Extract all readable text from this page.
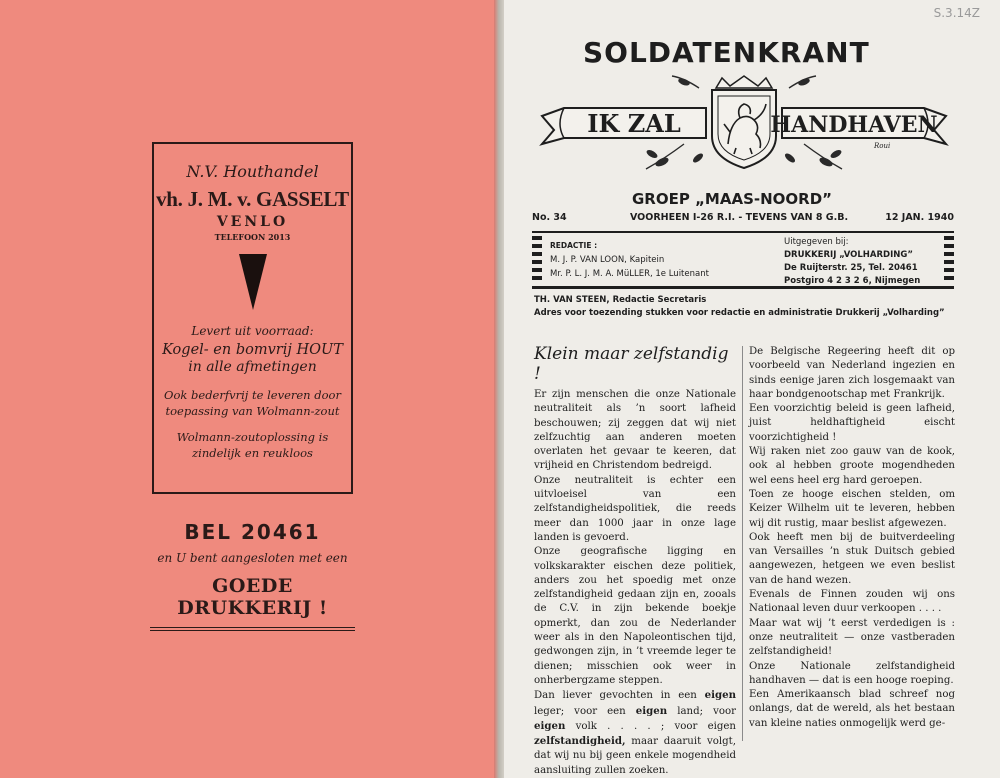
N.V. Houthandel
vh. J. M. v. GASSELT
VENLO
TELEFOON 2013
Levert uit voorraad:
Kogel- en bomvrij HOUT
in alle afmetingen
Ook bederfvrij te leveren door
toepassing van Wolmann-zout
Wolmann-zoutoplossing is
zindelijk en reukloos
BEL 20461
en U bent aangesloten met een
GOEDE DRUKKERIJ !
S.3.14Z
SOLDATENKRANT
IK ZAL	HANDHAVEN
Roui
GROEP „MAAS-NOORD”
No. 34	VOORHEEN I-26 R.I. - TEVENS VAN 8 G.B.	12 JAN. 1940
REDACTIE :
M. J. P. VAN LOON, Kapitein
Mr. P. L. J. M. A. MüLLER, 1e Luitenant
Uitgegeven bij:
DRUKKERIJ „VOLHARDING”
De Ruijterstr. 25, Tel. 20461
Postgiro 4 2 3 2 6, Nijmegen
TH. VAN STEEN, Redactie Secretaris
Adres voor toezending stukken voor redactie en administratie Drukkerij „Volharding”
Klein maar zelfstandig !

Er zijn menschen die onze Nationale neutraliteit als ’n soort lafheid beschouwen; zij zeggen dat wij niet zelfzuchtig aan anderen moeten overlaten het gevaar te keeren, dat vrijheid en Christendom bedreigd.

Onze neutraliteit is echter een uitvloeisel van een zelfstandigheidspolitiek, die reeds meer dan 1000 jaar in onze lage landen is gevoerd.

Onze geografische ligging en volkskarakter eischen deze politiek, anders zou het spoedig met onze zelfstandigheid gedaan zijn en, zooals de C.V. in zijn bekende boekje opmerkt, dan zou de Nederlander weer als in den Napoleontischen tijd, gedwongen zijn, in ’t vreemde leger te dienen; misschien ook weer in onherbergzame steppen.

Dan liever gevochten in een eigen leger; voor een eigen land; voor eigen volk . . . . ; voor eigen zelfstandigheid, maar daaruit volgt, dat wij nu bij geen enkele mogendheid aansluiting zullen zoeken.

De Belgische Regeering heeft dit op voorbeeld van Nederland ingezien en sinds eenige jaren zich losgemaakt van haar bondgenootschap met Frankrijk.

Een voorzichtig beleid is geen lafheid, juist heldhaftigheid eischt voorzichtigheid !

Wij raken niet zoo gauw van de kook, ook al hebben groote mogendheden wel eens heel erg hard geroepen.

Toen ze hooge eischen stelden, om Keizer Wilhelm uit te leveren, hebben wij dit rustig, maar beslist afgewezen.

Ook heeft men bij de buitverdeeling van Versailles ’n stuk Duitsch gebied aangewezen, hetgeen we even beslist van de hand wezen.

Evenals de Finnen zouden wij ons Nationaal leven duur verkoopen . . . .

Maar wat wij ’t eerst verdedigen is : onze neutraliteit — onze vastberaden zelfstandigheid!

Onze Nationale zelfstandigheid handhaven — dat is een hooge roeping.

Een Amerikaansch blad schreef nog onlangs, dat de wereld, als het bestaan van kleine naties onmogelijk werd ge-
